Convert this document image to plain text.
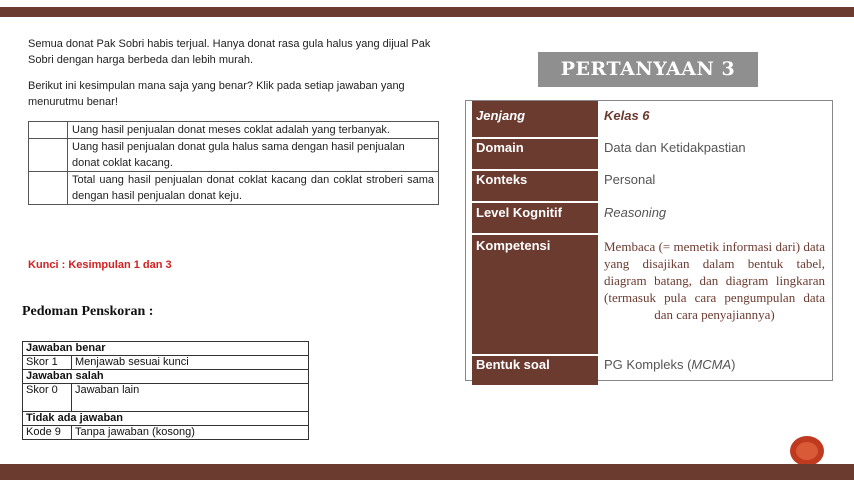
Semua donat Pak Sobri habis terjual. Hanya donat rasa gula halus yang dijual Pak Sobri dengan harga berbeda dan lebih murah.

Berikut ini kesimpulan mana saja yang benar? Klik pada setiap jawaban yang menurutmu benar!

	Uang hasil penjualan donat meses coklat adalah yang terbanyak.
	Uang hasil penjualan donat gula halus sama dengan hasil penjualan donat coklat kacang.
	Total uang hasil penjualan donat coklat kacang dan coklat stroberi sama dengan hasil penjualan donat keju.
Kunci : Kesimpulan 1 dan 3
Pedoman Penskoran :
Jawaban benar	
Skor 1	Menjawab sesuai kunci
Jawaban salah	
Skor 0	Jawaban lain
Tidak ada jawaban	
Kode 9	Tanpa jawaban (kosong)
PERTANYAAN 3
Jenjang	Kelas 6
Domain	Data dan Ketidakpastian
Konteks	Personal
Level Kognitif	Reasoning
Kompetensi	Membaca (= memetik informasi dari) data yang disajikan dalam bentuk tabel, diagram batang, dan diagram lingkaran (termasuk pula cara pengumpulan data dan cara penyajiannya)
Bentuk soal	PG Kompleks (MCMA)
